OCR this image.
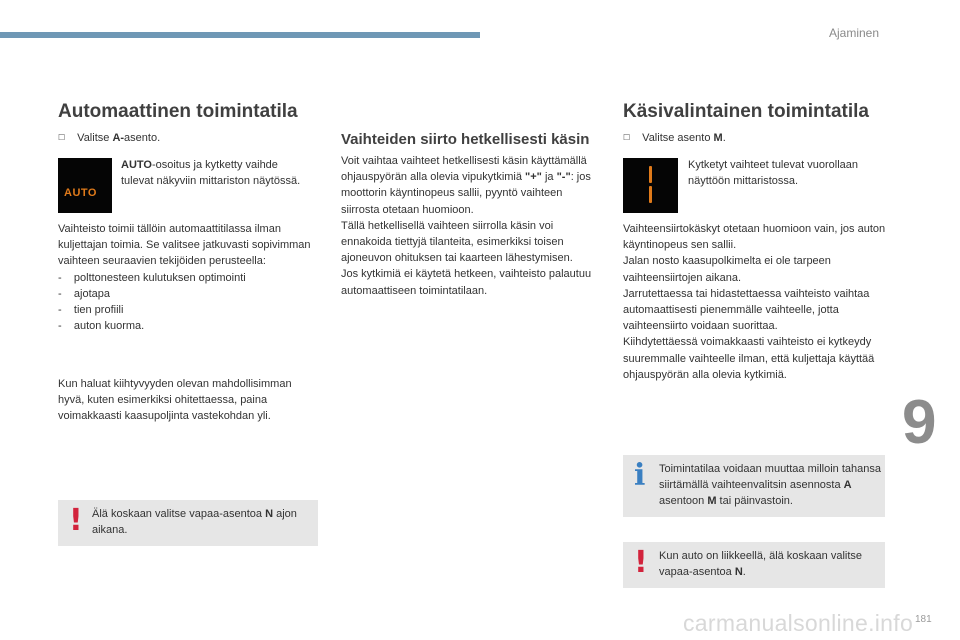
Ajaminen
Automaattinen toimintatila
☐ Valitse A-asento.
AUTO
AUTO-osoitus ja kytketty vaihde tulevat näkyviin mittariston näytössä.

Vaihteisto toimii tällöin automaattitilassa ilman kuljettajan toimia. Se valitsee jatkuvasti sopivimman vaihteen seuraavien tekijöiden perusteella:

-    polttonesteen kulutuksen optimointi

-    ajotapa

-    tien profiili

-    auton kuorma.

Kun haluat kiihtyvyyden olevan mahdollisimman hyvä, kuten esimerkiksi ohitettaessa, paina voimakkaasti kaasupoljinta vastekohdan yli.
! Älä koskaan valitse vapaa-asentoa N ajon aikana.
Vaihteiden siirto hetkellisesti käsin

Voit vaihtaa vaihteet hetkellisesti käsin käyttämällä ohjauspyörän alla olevia vipukytkimiä "+" ja "-": jos moottorin käyntinopeus sallii, pyyntö vaihteen siirrosta otetaan huomioon.

Tällä hetkellisellä vaihteen siirrolla käsin voi ennakoida tiettyjä tilanteita, esimerkiksi toisen ajoneuvon ohituksen tai kaarteen lähestymisen.

Jos kytkimiä ei käytetä hetkeen, vaihteisto palautuu automaattiseen toimintatilaan.

Käsivalintainen toimintatila
☐ Valitse asento M.
Kytketyt vaihteet tulevat vuorollaan näyttöön mittaristossa.
Vaihteensiirtokäskyt otetaan huomioon vain, jos auton käyntinopeus sen sallii.
Jalan nosto kaasupolkimelta ei ole tarpeen vaihteensiirtojen aikana.
Jarrutettaessa tai hidastettaessa vaihteisto vaihtaa automaattisesti pienemmälle vaihteelle, jotta vaihteensiirto voidaan suorittaa.
Kiihdytettäessä voimakkaasti vaihteisto ei kytkeydy suuremmalle vaihteelle ilman, että kuljettaja käyttää ohjauspyörän alla olevia kytkimiä.
i Toimintatilaa voidaan muuttaa milloin tahansa siirtämällä vaihteenvalitsin asennosta A asentoon M tai päinvastoin.
! Kun auto on liikkeellä, älä koskaan valitse vapaa-asentoa N.
9
carmanualsonline.info 181
